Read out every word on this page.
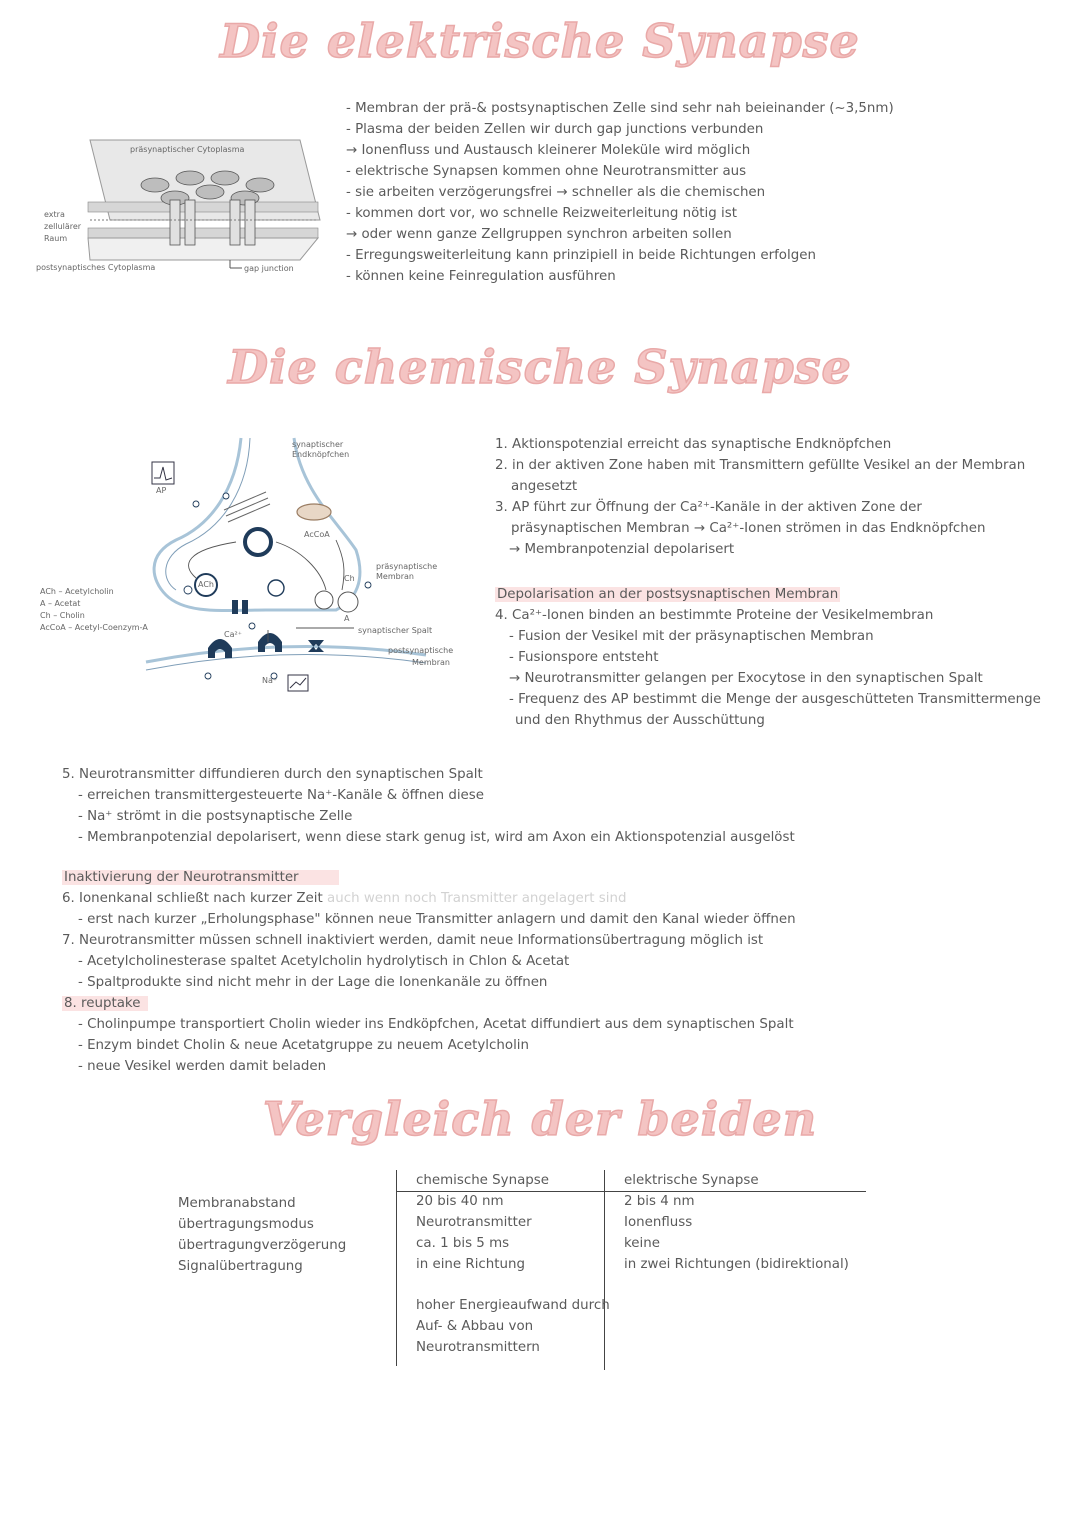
Die elektrische Synapse
präsynaptischer Cytoplasma
extra
zellulärer
Raum
postsynaptisches Cytoplasma	gap junction
- Membran der prä-& postsynaptischen Zelle sind sehr nah beieinander (~3,5nm)
- Plasma der beiden Zellen wir durch gap junctions verbunden
→ Ionenfluss und Austausch kleinerer Moleküle wird möglich
- elektrische Synapsen kommen ohne Neurotransmitter aus
- sie arbeiten verzögerungsfrei → schneller als die chemischen
- kommen dort vor, wo schnelle Reizweiterleitung nötig ist
→ oder wenn ganze Zellgruppen synchron arbeiten sollen
- Erregungsweiterleitung kann prinzipiell in beide Richtungen erfolgen
- können keine Feinregulation ausführen
Die chemische Synapse
synaptischer
Endknöpfchen
AP
AcCoA
Ch
A
ACh
Ca²⁺
Na⁺
präsynaptische
Membran
synaptischer Spalt
postsynaptische
Membran
ACh – Acetylcholin
A – Acetat
Ch – Cholin
AcCoA – Acetyl-Coenzym-A
1. Aktionspotenzial erreicht das synaptische Endknöpfchen
2. in der aktiven Zone haben mit Transmittern gefüllte Vesikel an der Membran
angesetzt
3. AP führt zur Öffnung der Ca²⁺-Kanäle in der aktiven Zone der
präsynaptischen Membran → Ca²⁺-Ionen strömen in das Endknöpfchen
→ Membranpotenzial depolarisert
Depolarisation an der postsysnaptischen Membran
4. Ca²⁺-Ionen binden an bestimmte Proteine der Vesikelmembran
- Fusion der Vesikel mit der präsynaptischen Membran
- Fusionspore entsteht
→ Neurotransmitter gelangen per Exocytose in den synaptischen Spalt
- Frequenz des AP bestimmt die Menge der ausgeschütteten Transmittermenge
und den Rhythmus der Ausschüttung
5. Neurotransmitter diffundieren durch den synaptischen Spalt
- erreichen transmittergesteuerte Na⁺-Kanäle & öffnen diese
- Na⁺ strömt in die postsynaptische Zelle
- Membranpotenzial depolarisert, wenn diese stark genug ist, wird am Axon ein Aktionspotenzial ausgelöst
Inaktivierung der Neurotransmitter
6. Ionenkanal schließt nach kurzer Zeit auch wenn noch Transmitter angelagert sind
- erst nach kurzer „Erholungsphase" können neue Transmitter anlagern und damit den Kanal wieder öffnen
7. Neurotransmitter müssen schnell inaktiviert werden, damit neue Informationsübertragung möglich ist
- Acetylcholinesterase spaltet Acetylcholin hydrolytisch in Chlon & Acetat
- Spaltprodukte sind nicht mehr in der Lage die Ionenkanäle zu öffnen
8. reuptake
- Cholinpumpe transportiert Cholin wieder ins Endköpfchen, Acetat diffundiert aus dem synaptischen Spalt
- Enzym bindet Cholin & neue Acetatgruppe zu neuem Acetylcholin
- neue Vesikel werden damit beladen
Vergleich der beiden
Membranabstand
übertragungsmodus
übertragungverzögerung
Signalübertragung
chemische Synapse
20 bis 40 nm
Neurotransmitter
ca. 1 bis 5 ms
in eine Richtung
hoher Energieaufwand durch
Auf- & Abbau von
Neurotransmittern
elektrische Synapse
2 bis 4 nm
Ionenfluss
keine
in zwei Richtungen (bidirektional)
